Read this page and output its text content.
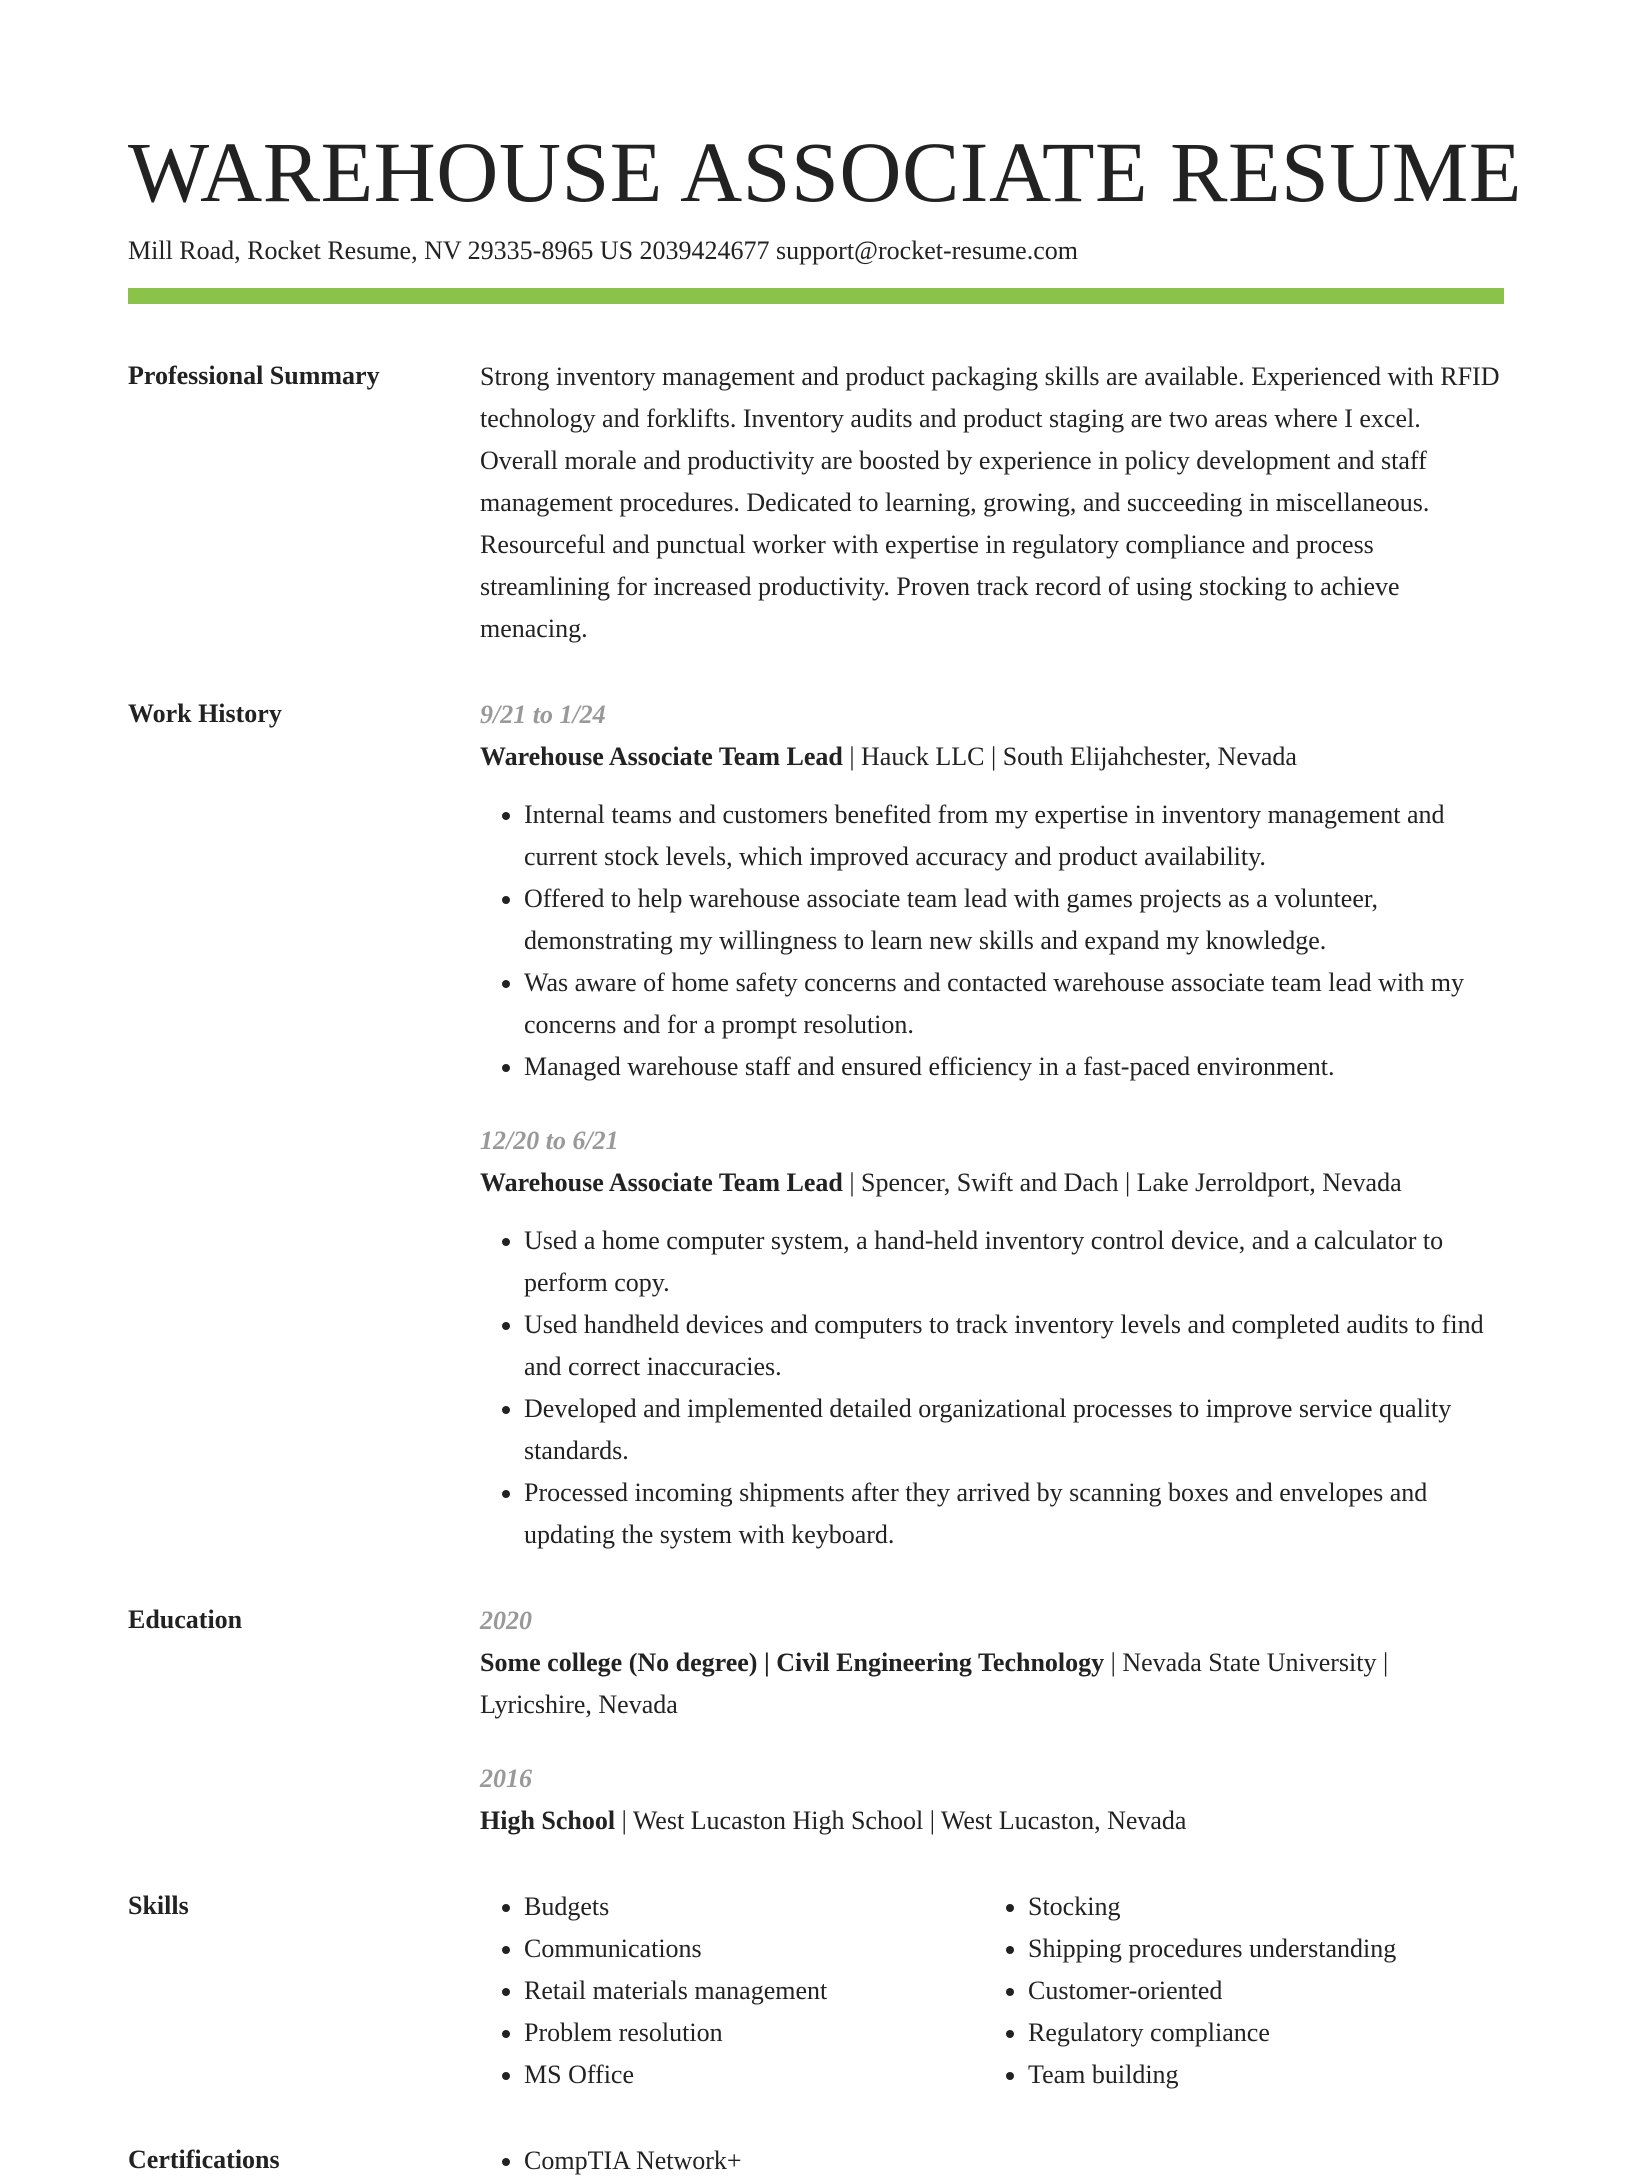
WAREHOUSE ASSOCIATE RESUME
Mill Road, Rocket Resume, NV 29335-8965 US 2039424677 support@rocket-resume.com
Professional Summary	Strong inventory management and product packaging skills are available. Experienced with RFID technology and forklifts. Inventory audits and product staging are two areas where I excel. Overall morale and productivity are boosted by experience in policy development and staff management procedures. Dedicated to learning, growing, and succeeding in miscellaneous. Resourceful and punctual worker with expertise in regulatory compliance and process streamlining for increased productivity. Proven track record of using stocking to achieve menacing.

Work History	9/21 to 1/24
Warehouse Associate Team Lead | Hauck LLC | South Elijahchester, Nevada
• Internal teams and customers benefited from my expertise in inventory management and current stock levels, which improved accuracy and product availability.
• Offered to help warehouse associate team lead with games projects as a volunteer, demonstrating my willingness to learn new skills and expand my knowledge.
• Was aware of home safety concerns and contacted warehouse associate team lead with my concerns and for a prompt resolution.
• Managed warehouse staff and ensured efficiency in a fast-paced environment.
12/20 to 6/21
Warehouse Associate Team Lead | Spencer, Swift and Dach | Lake Jerroldport, Nevada
• Used a home computer system, a hand-held inventory control device, and a calculator to perform copy.
• Used handheld devices and computers to track inventory levels and completed audits to find and correct inaccuracies.
• Developed and implemented detailed organizational processes to improve service quality standards.
• Processed incoming shipments after they arrived by scanning boxes and envelopes and updating the system with keyboard.
Education	2020
Some college (No degree) | Civil Engineering Technology | Nevada State University | Lyricshire, Nevada
2016
High School | West Lucaston High School | West Lucaston, Nevada
Skills	• Budgets
• Communications
• Retail materials management
• Problem resolution
• MS Office
• Stocking
• Shipping procedures understanding
• Customer-oriented
• Regulatory compliance
• Team building
Certifications	• CompTIA Network+
